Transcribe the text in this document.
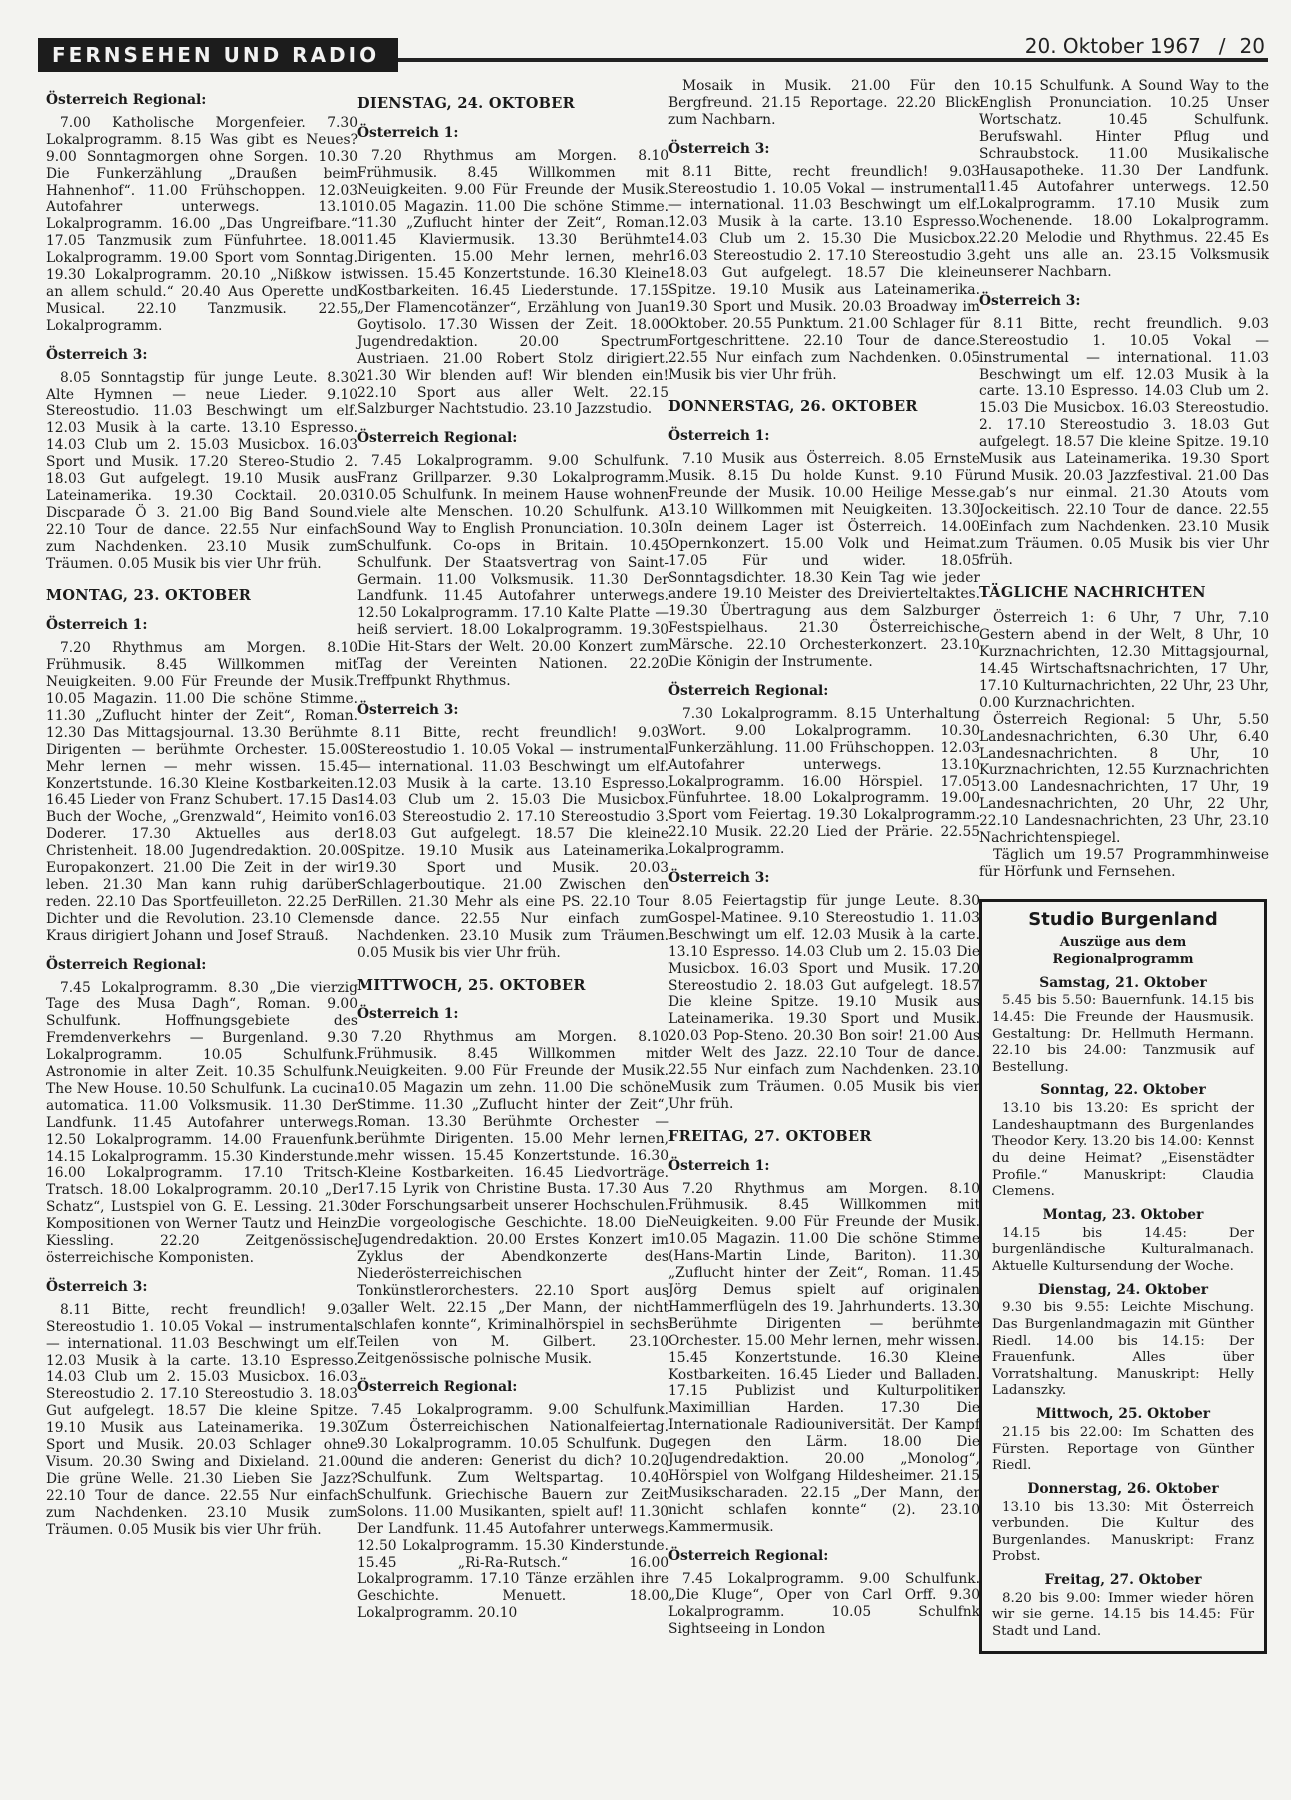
FERNSEHEN UND RADIO	20. Oktober 1967 / 20
Österreich Regional:
7.00 Katholische Morgenfeier. 7.30 Lokalprogramm. 8.15 Was gibt es Neues? 9.00 Sonntagmorgen ohne Sorgen. 10.30 Die Funkerzählung „Draußen beim Hahnenhof“. 11.00 Frühschoppen. 12.03 Autofahrer unterwegs. 13.10 Lokalprogramm. 16.00 „Das Ungreifbare.“ 17.05 Tanzmusik zum Fünfuhrtee. 18.00 Lokalprogramm. 19.00 Sport vom Sonntag. 19.30 Lokalprogramm. 20.10 „Nißkow ist an allem schuld.“ 20.40 Aus Operette und Musical. 22.10 Tanzmusik. 22.55 Lokalprogramm.
Österreich 3:
8.05 Sonntagstip für junge Leute. 8.30 Alte Hymnen — neue Lieder. 9.10 Stereostudio. 11.03 Beschwingt um elf. 12.03 Musik à la carte. 13.10 Espresso. 14.03 Club um 2. 15.03 Musicbox. 16.03 Sport und Musik. 17.20 Stereo-Studio 2. 18.03 Gut aufgelegt. 19.10 Musik aus Lateinamerika. 19.30 Cocktail. 20.03 Discparade Ö 3. 21.00 Big Band Sound. 22.10 Tour de dance. 22.55 Nur einfach zum Nachdenken. 23.10 Musik zum Träumen. 0.05 Musik bis vier Uhr früh.
MONTAG, 23. OKTOBER
Österreich 1:
7.20 Rhythmus am Morgen. 8.10 Frühmusik. 8.45 Willkommen mit Neuigkeiten. 9.00 Für Freunde der Musik. 10.05 Magazin. 11.00 Die schöne Stimme. 11.30 „Zuflucht hinter der Zeit“, Roman. 12.30 Das Mittagsjournal. 13.30 Berühmte Dirigenten — berühmte Orchester. 15.00 Mehr lernen — mehr wissen. 15.45 Konzertstunde. 16.30 Kleine Kostbarkeiten. 16.45 Lieder von Franz Schubert. 17.15 Das Buch der Woche, „Grenzwald“, Heimito von Doderer. 17.30 Aktuelles aus der Christenheit. 18.00 Jugendredaktion. 20.00 Europakonzert. 21.00 Die Zeit in der wir leben. 21.30 Man kann ruhig darüber reden. 22.10 Das Sportfeuilleton. 22.25 Der Dichter und die Revolution. 23.10 Clemens Kraus dirigiert Johann und Josef Strauß.
Österreich Regional:
7.45 Lokalprogramm. 8.30 „Die vierzig Tage des Musa Dagh“, Roman. 9.00 Schulfunk. Hoffnungsgebiete des Fremdenverkehrs — Burgenland. 9.30 Lokalprogramm. 10.05 Schulfunk. Astronomie in alter Zeit. 10.35 Schulfunk. The New House. 10.50 Schulfunk. La cucina automatica. 11.00 Volksmusik. 11.30 Der Landfunk. 11.45 Autofahrer unterwegs. 12.50 Lokalprogramm. 14.00 Frauenfunk. 14.15 Lokalprogramm. 15.30 Kinderstunde. 16.00 Lokalprogramm. 17.10 Tritsch-Tratsch. 18.00 Lokalprogramm. 20.10 „Der Schatz“, Lustspiel von G. E. Lessing. 21.30 Kompositionen von Werner Tautz und Heinz Kiessling. 22.20 Zeitgenössische österreichische Komponisten.
Österreich 3:
8.11 Bitte, recht freundlich! 9.03 Stereostudio 1. 10.05 Vokal — instrumental — international. 11.03 Beschwingt um elf. 12.03 Musik à la carte. 13.10 Espresso. 14.03 Club um 2. 15.03 Musicbox. 16.03 Stereostudio 2. 17.10 Stereostudio 3. 18.03 Gut aufgelegt. 18.57 Die kleine Spitze. 19.10 Musik aus Lateinamerika. 19.30 Sport und Musik. 20.03 Schlager ohne Visum. 20.30 Swing and Dixieland. 21.00 Die grüne Welle. 21.30 Lieben Sie Jazz? 22.10 Tour de dance. 22.55 Nur einfach zum Nachdenken. 23.10 Musik zum Träumen. 0.05 Musik bis vier Uhr früh.
DIENSTAG, 24. OKTOBER
Österreich 1:
7.20 Rhythmus am Morgen. 8.10 Frühmusik. 8.45 Willkommen mit Neuigkeiten. 9.00 Für Freunde der Musik. 10.05 Magazin. 11.00 Die schöne Stimme. 11.30 „Zuflucht hinter der Zeit“, Roman. 11.45 Klaviermusik. 13.30 Berühmte Dirigenten. 15.00 Mehr lernen, mehr wissen. 15.45 Konzertstunde. 16.30 Kleine Kostbarkeiten. 16.45 Liederstunde. 17.15 „Der Flamencotänzer“, Erzählung von Juan Goytisolo. 17.30 Wissen der Zeit. 18.00 Jugendredaktion. 20.00 Spectrum Austriaen. 21.00 Robert Stolz dirigiert. 21.30 Wir blenden auf! Wir blenden ein! 22.10 Sport aus aller Welt. 22.15 Salzburger Nachtstudio. 23.10 Jazzstudio.
Österreich Regional:
7.45 Lokalprogramm. 9.00 Schulfunk. Franz Grillparzer. 9.30 Lokalprogramm. 10.05 Schulfunk. In meinem Hause wohnen viele alte Menschen. 10.20 Schulfunk. A Sound Way to English Pronunciation. 10.30 Schulfunk. Co-ops in Britain. 10.45 Schulfunk. Der Staatsvertrag von Saint-Germain. 11.00 Volksmusik. 11.30 Der Landfunk. 11.45 Autofahrer unterwegs. 12.50 Lokalprogramm. 17.10 Kalte Platte — heiß serviert. 18.00 Lokalprogramm. 19.30 Die Hit-Stars der Welt. 20.00 Konzert zum Tag der Vereinten Nationen. 22.20 Treffpunkt Rhythmus.
Österreich 3:
8.11 Bitte, recht freundlich! 9.03 Stereostudio 1. 10.05 Vokal — instrumental — international. 11.03 Beschwingt um elf. 12.03 Musik à la carte. 13.10 Espresso. 14.03 Club um 2. 15.03 Die Musicbox. 16.03 Stereostudio 2. 17.10 Stereostudio 3. 18.03 Gut aufgelegt. 18.57 Die kleine Spitze. 19.10 Musik aus Lateinamerika. 19.30 Sport und Musik. 20.03 Schlagerboutique. 21.00 Zwischen den Rillen. 21.30 Mehr als eine PS. 22.10 Tour de dance. 22.55 Nur einfach zum Nachdenken. 23.10 Musik zum Träumen. 0.05 Musik bis vier Uhr früh.
MITTWOCH, 25. OKTOBER
Österreich 1:
7.20 Rhythmus am Morgen. 8.10 Frühmusik. 8.45 Willkommen mit Neuigkeiten. 9.00 Für Freunde der Musik. 10.05 Magazin um zehn. 11.00 Die schöne Stimme. 11.30 „Zuflucht hinter der Zeit“, Roman. 13.30 Berühmte Orchester — berühmte Dirigenten. 15.00 Mehr lernen, mehr wissen. 15.45 Konzertstunde. 16.30 Kleine Kostbarkeiten. 16.45 Liedvorträge. 17.15 Lyrik von Christine Busta. 17.30 Aus der Forschungsarbeit unserer Hochschulen. Die vorgeologische Geschichte. 18.00 Die Jugendredaktion. 20.00 Erstes Konzert im Zyklus der Abendkonzerte des Niederösterreichischen Tonkünstlerorchesters. 22.10 Sport aus aller Welt. 22.15 „Der Mann, der nicht schlafen konnte“, Kriminalhörspiel in sechs Teilen von M. Gilbert. 23.10 Zeitgenössische polnische Musik.
Österreich Regional:
7.45 Lokalprogramm. 9.00 Schulfunk. Zum Österreichischen Nationalfeiertag. 9.30 Lokalprogramm. 10.05 Schulfunk. Du und die anderen: Generist du dich? 10.20 Schulfunk. Zum Weltspartag. 10.40 Schulfunk. Griechische Bauern zur Zeit Solons. 11.00 Musikanten, spielt auf! 11.30 Der Landfunk. 11.45 Autofahrer unterwegs. 12.50 Lokalprogramm. 15.30 Kinderstunde. 15.45 „Ri-Ra-Rutsch.“ 16.00 Lokalprogramm. 17.10 Tänze erzählen ihre Geschichte. Menuett. 18.00 Lokalprogramm. 20.10
Mosaik in Musik. 21.00 Für den Bergfreund. 21.15 Reportage. 22.20 Blick zum Nachbarn.
Österreich 3:
8.11 Bitte, recht freundlich! 9.03 Stereostudio 1. 10.05 Vokal — instrumental — international. 11.03 Beschwingt um elf. 12.03 Musik à la carte. 13.10 Espresso. 14.03 Club um 2. 15.30 Die Musicbox. 16.03 Stereostudio 2. 17.10 Stereostudio 3. 18.03 Gut aufgelegt. 18.57 Die kleine Spitze. 19.10 Musik aus Lateinamerika. 19.30 Sport und Musik. 20.03 Broadway im Oktober. 20.55 Punktum. 21.00 Schlager für Fortgeschrittene. 22.10 Tour de dance. 22.55 Nur einfach zum Nachdenken. 0.05 Musik bis vier Uhr früh.
DONNERSTAG, 26. OKTOBER
Österreich 1:
7.10 Musik aus Österreich. 8.05 Ernste Musik. 8.15 Du holde Kunst. 9.10 Für Freunde der Musik. 10.00 Heilige Messe. 13.10 Willkommen mit Neuigkeiten. 13.30 In deinem Lager ist Österreich. 14.00 Opernkonzert. 15.00 Volk und Heimat. 17.05 Für und wider. 18.05 Sonntagsdichter. 18.30 Kein Tag wie jeder andere 19.10 Meister des Dreivierteltaktes. 19.30 Übertragung aus dem Salzburger Festspielhaus. 21.30 Österreichische Märsche. 22.10 Orchesterkonzert. 23.10 Die Königin der Instrumente.
Österreich Regional:
7.30 Lokalprogramm. 8.15 Unterhaltung Wort. 9.00 Lokalprogramm. 10.30 Funkerzählung. 11.00 Frühschoppen. 12.03 Autofahrer unterwegs. 13.10 Lokalprogramm. 16.00 Hörspiel. 17.05 Fünfuhrtee. 18.00 Lokalprogramm. 19.00 Sport vom Feiertag. 19.30 Lokalprogramm. 22.10 Musik. 22.20 Lied der Prärie. 22.55 Lokalprogramm.
Österreich 3:
8.05 Feiertagstip für junge Leute. 8.30 Gospel-Matinee. 9.10 Stereostudio 1. 11.03 Beschwingt um elf. 12.03 Musik à la carte. 13.10 Espresso. 14.03 Club um 2. 15.03 Die Musicbox. 16.03 Sport und Musik. 17.20 Stereostudio 2. 18.03 Gut aufgelegt. 18.57 Die kleine Spitze. 19.10 Musik aus Lateinamerika. 19.30 Sport und Musik. 20.03 Pop-Steno. 20.30 Bon soir! 21.00 Aus der Welt des Jazz. 22.10 Tour de dance. 22.55 Nur einfach zum Nachdenken. 23.10 Musik zum Träumen. 0.05 Musik bis vier Uhr früh.
FREITAG, 27. OKTOBER
Österreich 1:
7.20 Rhythmus am Morgen. 8.10 Frühmusik. 8.45 Willkommen mit Neuigkeiten. 9.00 Für Freunde der Musik. 10.05 Magazin. 11.00 Die schöne Stimme (Hans-Martin Linde, Bariton). 11.30 „Zuflucht hinter der Zeit“, Roman. 11.45 Jörg Demus spielt auf originalen Hammerflügeln des 19. Jahrhunderts. 13.30 Berühmte Dirigenten — berühmte Orchester. 15.00 Mehr lernen, mehr wissen. 15.45 Konzertstunde. 16.30 Kleine Kostbarkeiten. 16.45 Lieder und Balladen. 17.15 Publizist und Kulturpolitiker Maximillian Harden. 17.30 Die Internationale Radiouniversität. Der Kampf gegen den Lärm. 18.00 Die Jugendredaktion. 20.00 „Monolog“, Hörspiel von Wolfgang Hildesheimer. 21.15 Musikscharaden. 22.15 „Der Mann, der nicht schlafen konnte“ (2). 23.10 Kammermusik.
Österreich Regional:
7.45 Lokalprogramm. 9.00 Schulfunk. „Die Kluge“, Oper von Carl Orff. 9.30 Lokalprogramm. 10.05 Schulfnk Sightseeing in London
10.15 Schulfunk. A Sound Way to the English Pronunciation. 10.25 Unser Wortschatz. 10.45 Schulfunk. Berufswahl. Hinter Pflug und Schraubstock. 11.00 Musikalische Hausapotheke. 11.30 Der Landfunk. 11.45 Autofahrer unterwegs. 12.50 Lokalprogramm. 17.10 Musik zum Wochenende. 18.00 Lokalprogramm. 22.20 Melodie und Rhythmus. 22.45 Es geht uns alle an. 23.15 Volksmusik unserer Nachbarn.
Österreich 3:
8.11 Bitte, recht freundlich. 9.03 Stereostudio 1. 10.05 Vokal — instrumental — international. 11.03 Beschwingt um elf. 12.03 Musik à la carte. 13.10 Espresso. 14.03 Club um 2. 15.03 Die Musicbox. 16.03 Stereostudio. 2. 17.10 Stereostudio 3. 18.03 Gut aufgelegt. 18.57 Die kleine Spitze. 19.10 Musik aus Lateinamerika. 19.30 Sport und Musik. 20.03 Jazzfestival. 21.00 Das gab’s nur einmal. 21.30 Atouts vom Jockeitisch. 22.10 Tour de dance. 22.55 Einfach zum Nachdenken. 23.10 Musik zum Träumen. 0.05 Musik bis vier Uhr früh.
TÄGLICHE NACHRICHTEN
Österreich 1: 6 Uhr, 7 Uhr, 7.10 Gestern abend in der Welt, 8 Uhr, 10 Kurznachrichten, 12.30 Mittagsjournal, 14.45 Wirtschaftsnachrichten, 17 Uhr, 17.10 Kulturnachrichten, 22 Uhr, 23 Uhr, 0.00 Kurznachrichten.
Österreich Regional: 5 Uhr, 5.50 Landesnachrichten, 6.30 Uhr, 6.40 Landesnachrichten. 8 Uhr, 10 Kurznachrichten, 12.55 Kurznachrichten 13.00 Landesnachrichten, 17 Uhr, 19 Landesnachrichten, 20 Uhr, 22 Uhr, 22.10 Landesnachrichten, 23 Uhr, 23.10 Nachrichtenspiegel.
Täglich um 19.57 Programmhinweise für Hörfunk und Fernsehen.
Studio Burgenland
Auszüge aus dem Regionalprogramm
Samstag, 21. Oktober
5.45 bis 5.50: Bauernfunk. 14.15 bis 14.45: Die Freunde der Hausmusik. Gestaltung: Dr. Hellmuth Hermann. 22.10 bis 24.00: Tanzmusik auf Bestellung.
Sonntag, 22. Oktober
13.10 bis 13.20: Es spricht der Landeshauptmann des Burgenlandes Theodor Kery. 13.20 bis 14.00: Kennst du deine Heimat? „Eisenstädter Profile.“ Manuskript: Claudia Clemens.
Montag, 23. Oktober
14.15 bis 14.45: Der burgenländische Kulturalmanach. Aktuelle Kultursendung der Woche.
Dienstag, 24. Oktober
9.30 bis 9.55: Leichte Mischung. Das Burgenlandmagazin mit Günther Riedl. 14.00 bis 14.15: Der Frauenfunk. Alles über Vorratshaltung. Manuskript: Helly Ladanszky.
Mittwoch, 25. Oktober
21.15 bis 22.00: Im Schatten des Fürsten. Reportage von Günther Riedl.
Donnerstag, 26. Oktober
13.10 bis 13.30: Mit Österreich verbunden. Die Kultur des Burgenlandes. Manuskript: Franz Probst.
Freitag, 27. Oktober
8.20 bis 9.00: Immer wieder hören wir sie gerne. 14.15 bis 14.45: Für Stadt und Land.
